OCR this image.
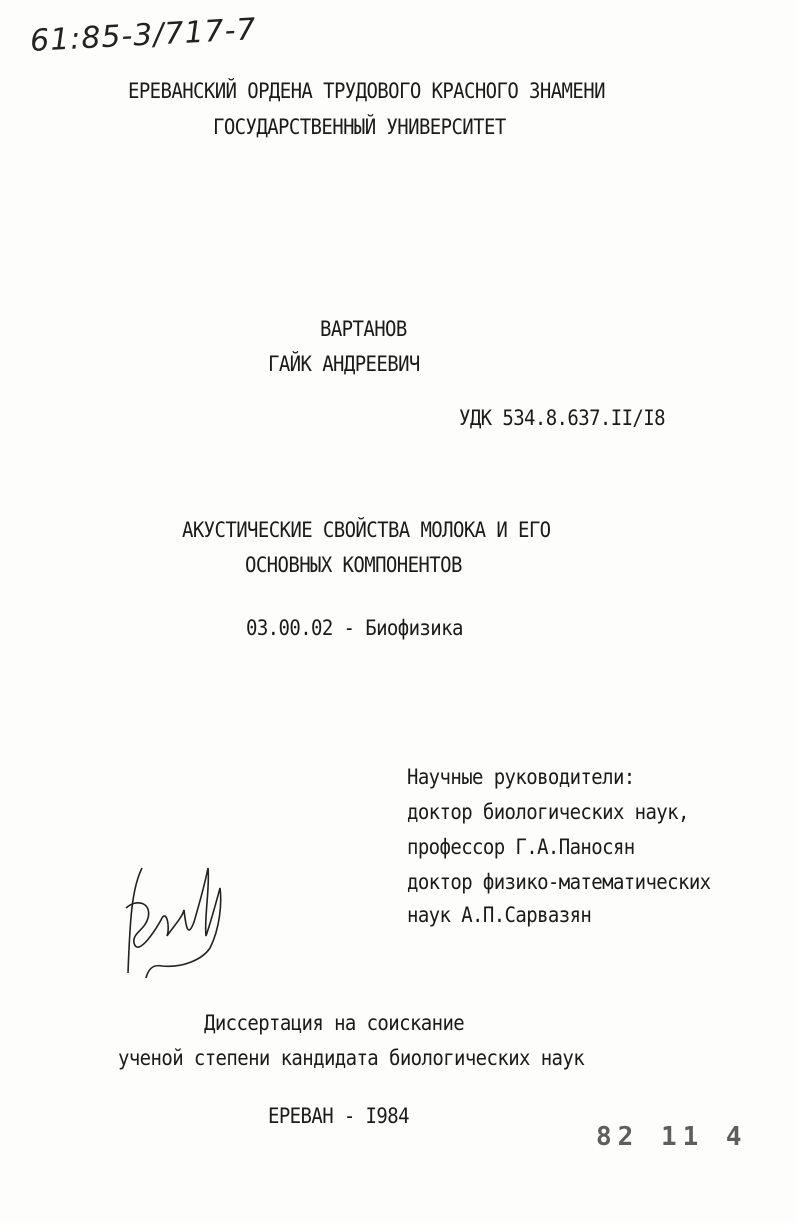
61:85-3/717-7
ЕРЕВАНСКИЙ ОРДЕНА ТРУДОВОГО КРАСНОГО ЗНАМЕНИ
ГОСУДАРСТВЕННЫЙ УНИВЕРСИТЕТ
ВАРТАНОВ
ГАЙК АНДРЕЕВИЧ
УДК 534.8.637.II/I8
АКУСТИЧЕСКИЕ СВОЙСТВА МОЛОКА И ЕГО
ОСНОВНЫХ КОМПОНЕНТОВ
03.00.02 - Биофизика
Научные руководители:
доктор биологических наук,
профессор Г.А.Паносян
доктор физико-математических
наук А.П.Сарвазян
Диссертация на соискание
ученой степени кандидата биологических наук
ЕРЕВАН - I984
82 11 4
